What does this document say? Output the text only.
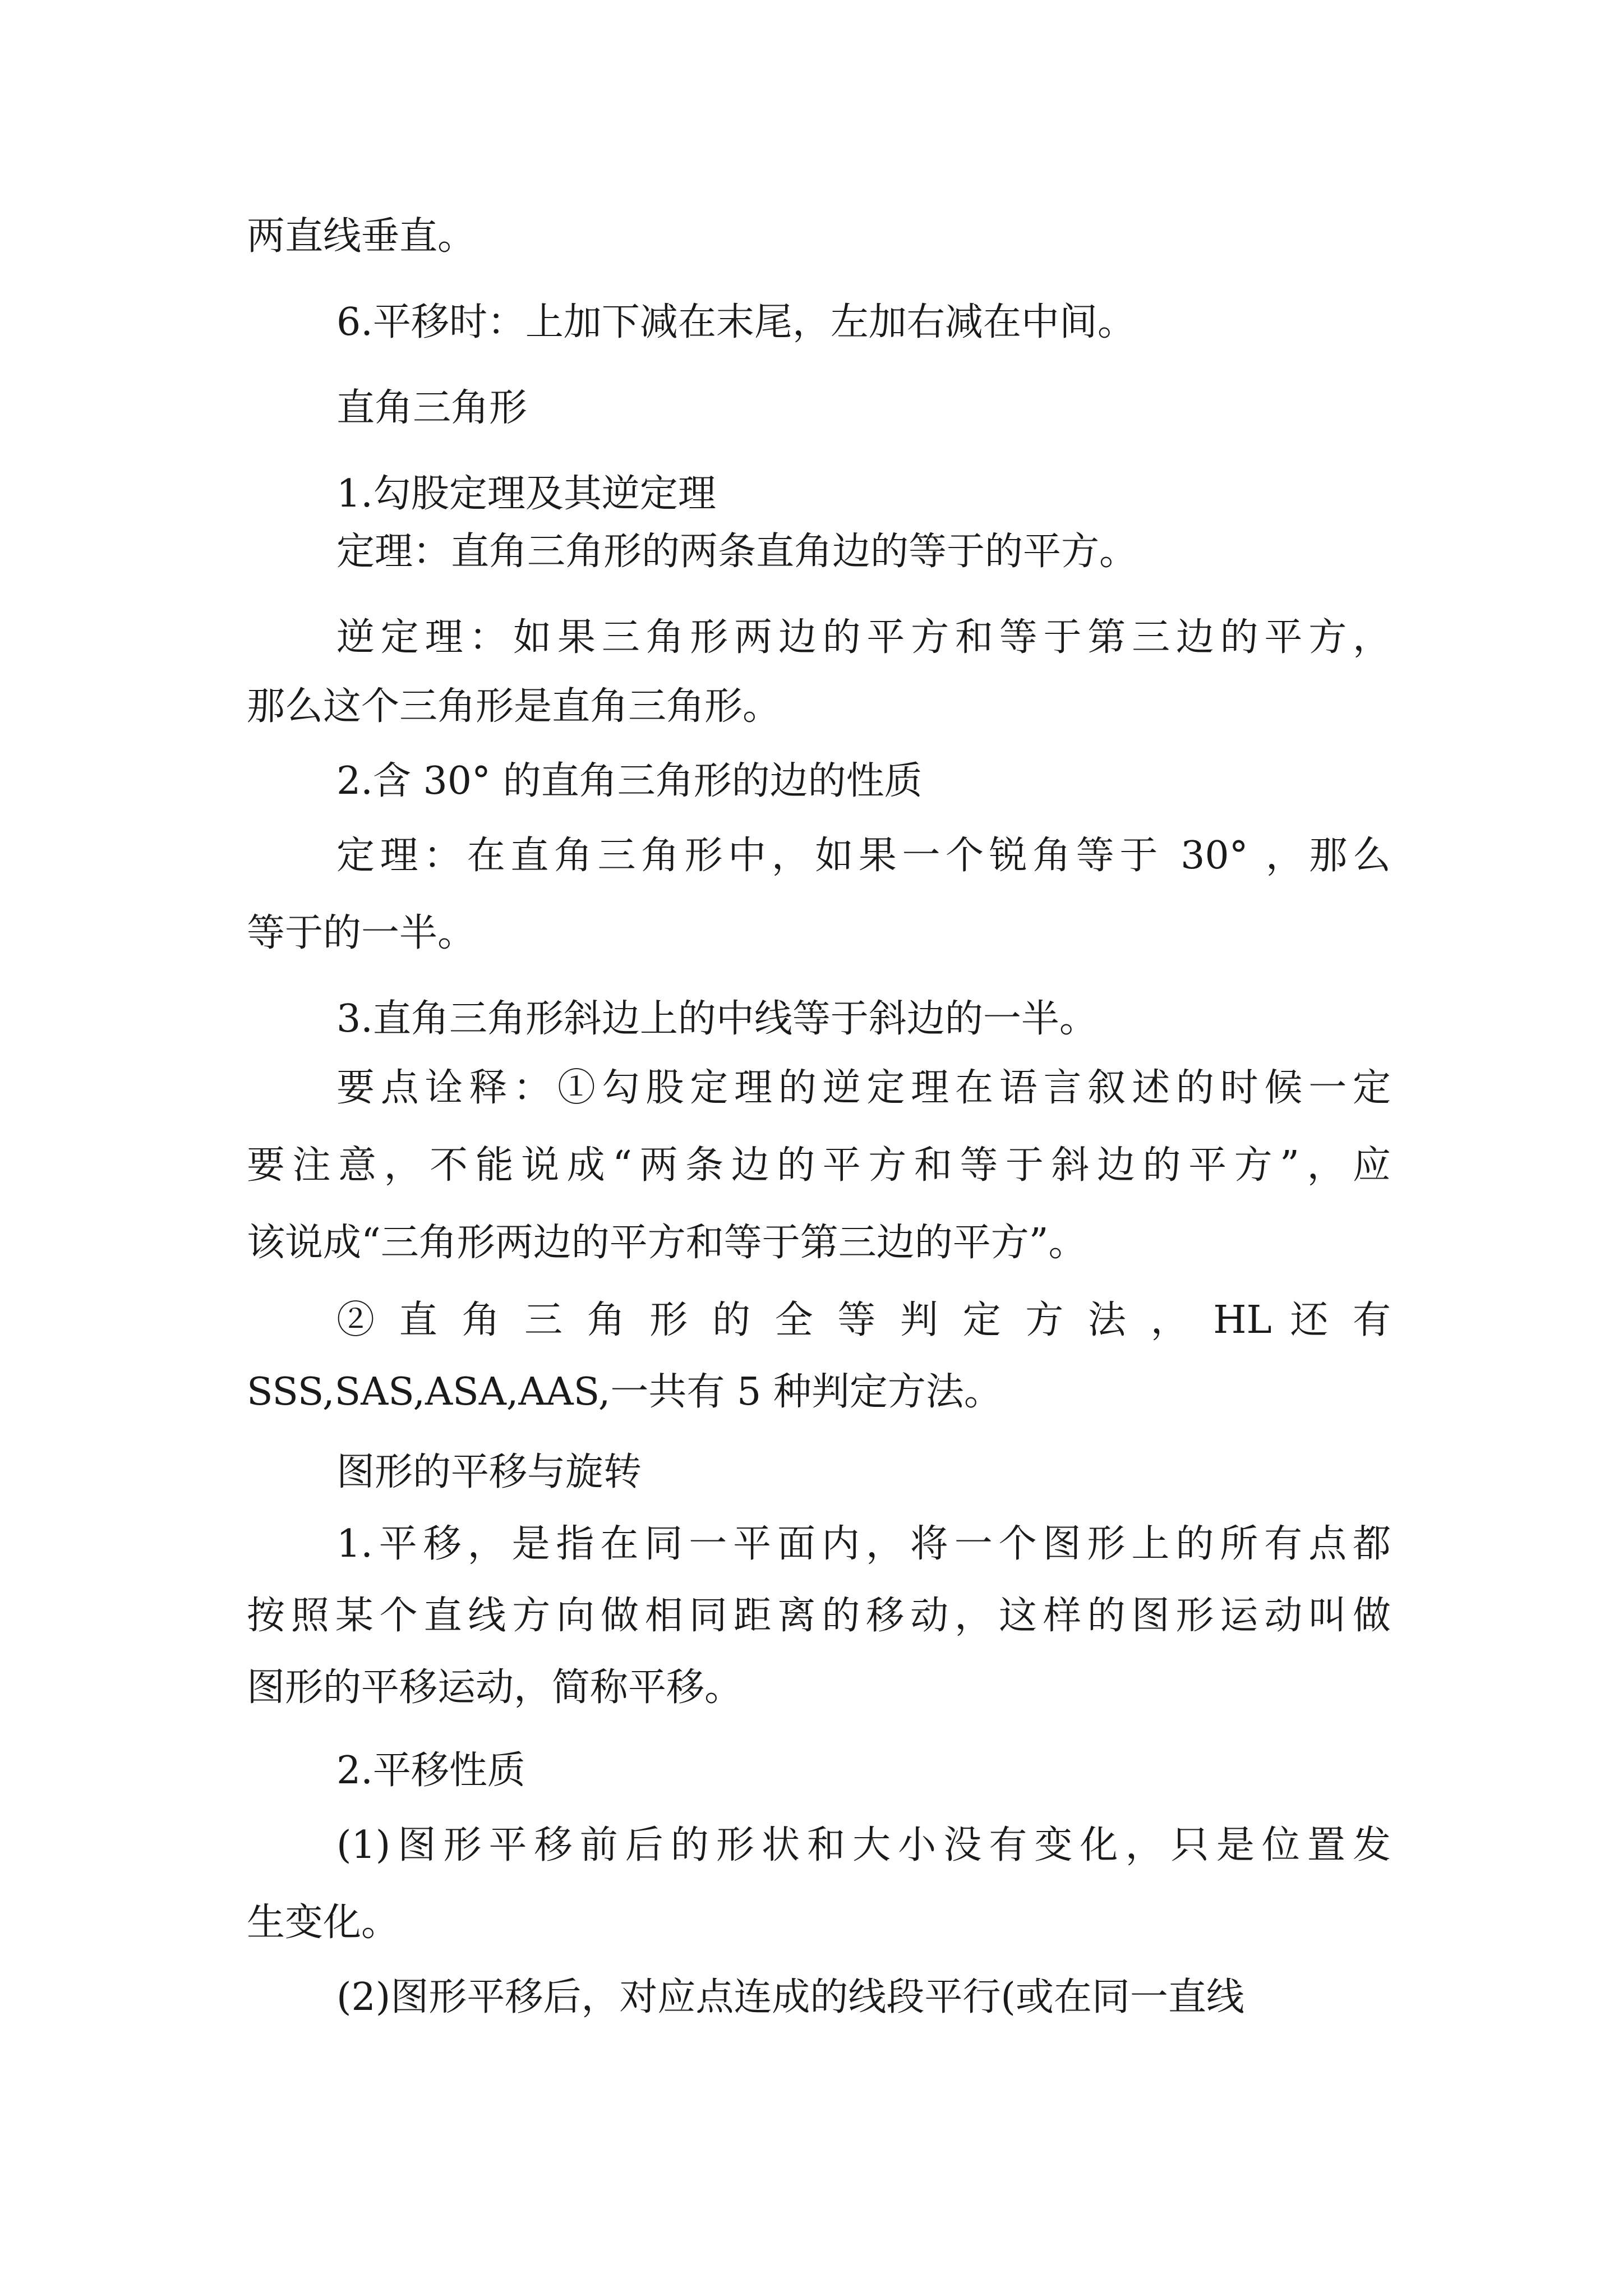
两直线垂直。
6.平移时：上加下减在末尾，左加右减在中间。
直角三角形
1.勾股定理及其逆定理
定理：直角三角形的两条直角边的等于的平方。
逆定理：如果三角形两边的平方和等于第三边的平方，
那么这个三角形是直角三角形。
2.含 30° 的直角三角形的边的性质
定理：在直角三角形中，如果一个锐角等于 30° ，那么
等于的一半。
3.直角三角形斜边上的中线等于斜边的一半。
要点诠释：①勾股定理的逆定理在语言叙述的时候一定
要注意，不能说成“两条边的平方和等于斜边的平方”，应
该说成“三角形两边的平方和等于第三边的平方”。
② 直 角 三 角 形 的 全 等 判 定 方 法 ， HL 还 有
SSS,SAS,ASA,AAS,一共有 5 种判定方法。
图形的平移与旋转
1.平移，是指在同一平面内，将一个图形上的所有点都
按照某个直线方向做相同距离的移动，这样的图形运动叫做
图形的平移运动，简称平移。
2.平移性质
(1)图形平移前后的形状和大小没有变化，只是位置发
生变化。
(2)图形平移后，对应点连成的线段平行(或在同一直线
